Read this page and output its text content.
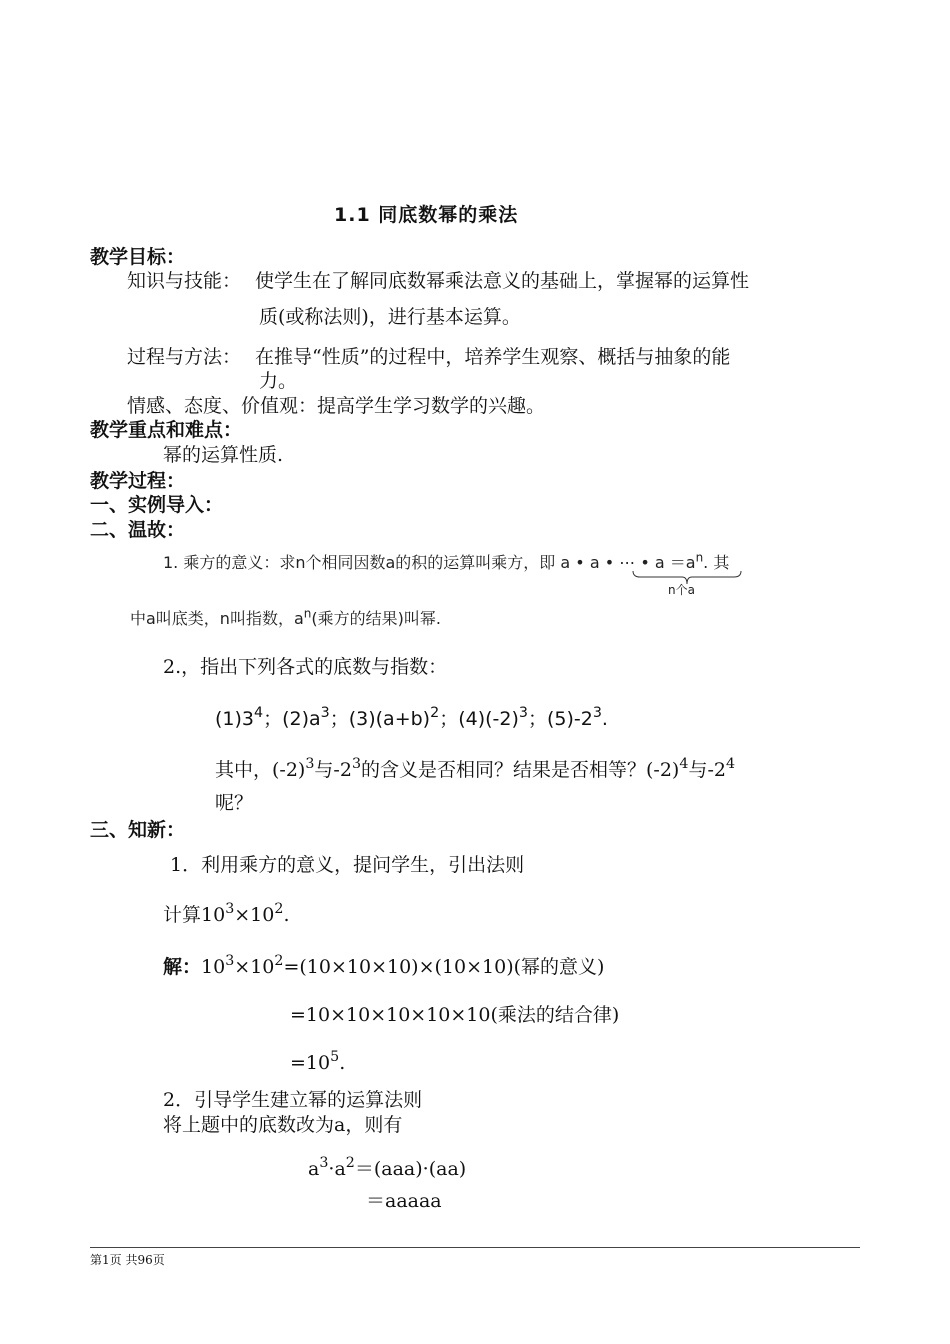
1.1 同底数幂的乘法
教学目标：
知识与技能： 使学生在了解同底数幂乘法意义的基础上，掌握幂的运算性
质(或称法则)，进行基本运算。
过程与方法： 在推导“性质”的过程中，培养学生观察、概括与抽象的能
力。
情感、态度、价值观：提高学生学习数学的兴趣。
教学重点和难点：
幂的运算性质.
教学过程：
一、实例导入：
二、温故：
1. 乘方的意义：求n个相同因数a的积的运算叫乘方，即 a • a • ⋯ • $a =a^n$. 其
n个a
中a叫底类，n叫指数，$a^n$(乘方的结果)叫幂.
2.，指出下列各式的底数与指数：
$(1)3^4$；$(2)a^3$；$(3)(a+b)^2$；$(4)(-2)^3$；$(5)-2^3$.
其中，$(-2)^3$与$-2^3$的含义是否相同？结果是否相等？$(-2)^4$与$-2^4$
呢？
三、知新：
1．利用乘方的意义，提问学生，引出法则
计算$10^3\times 10^2$.
解：$10^3\times 10^2=(10\times 10\times 10)\times(10\times 10)$(幂的意义)
=10×10×10×10×10(乘法的结合律)
$=10^5$.
2．引导学生建立幂的运算法则
将上题中的底数改为a，则有
$a^3\cdot a^2=(aaa)\cdot(aa)$
＝aaaaa
第1页 共96页
